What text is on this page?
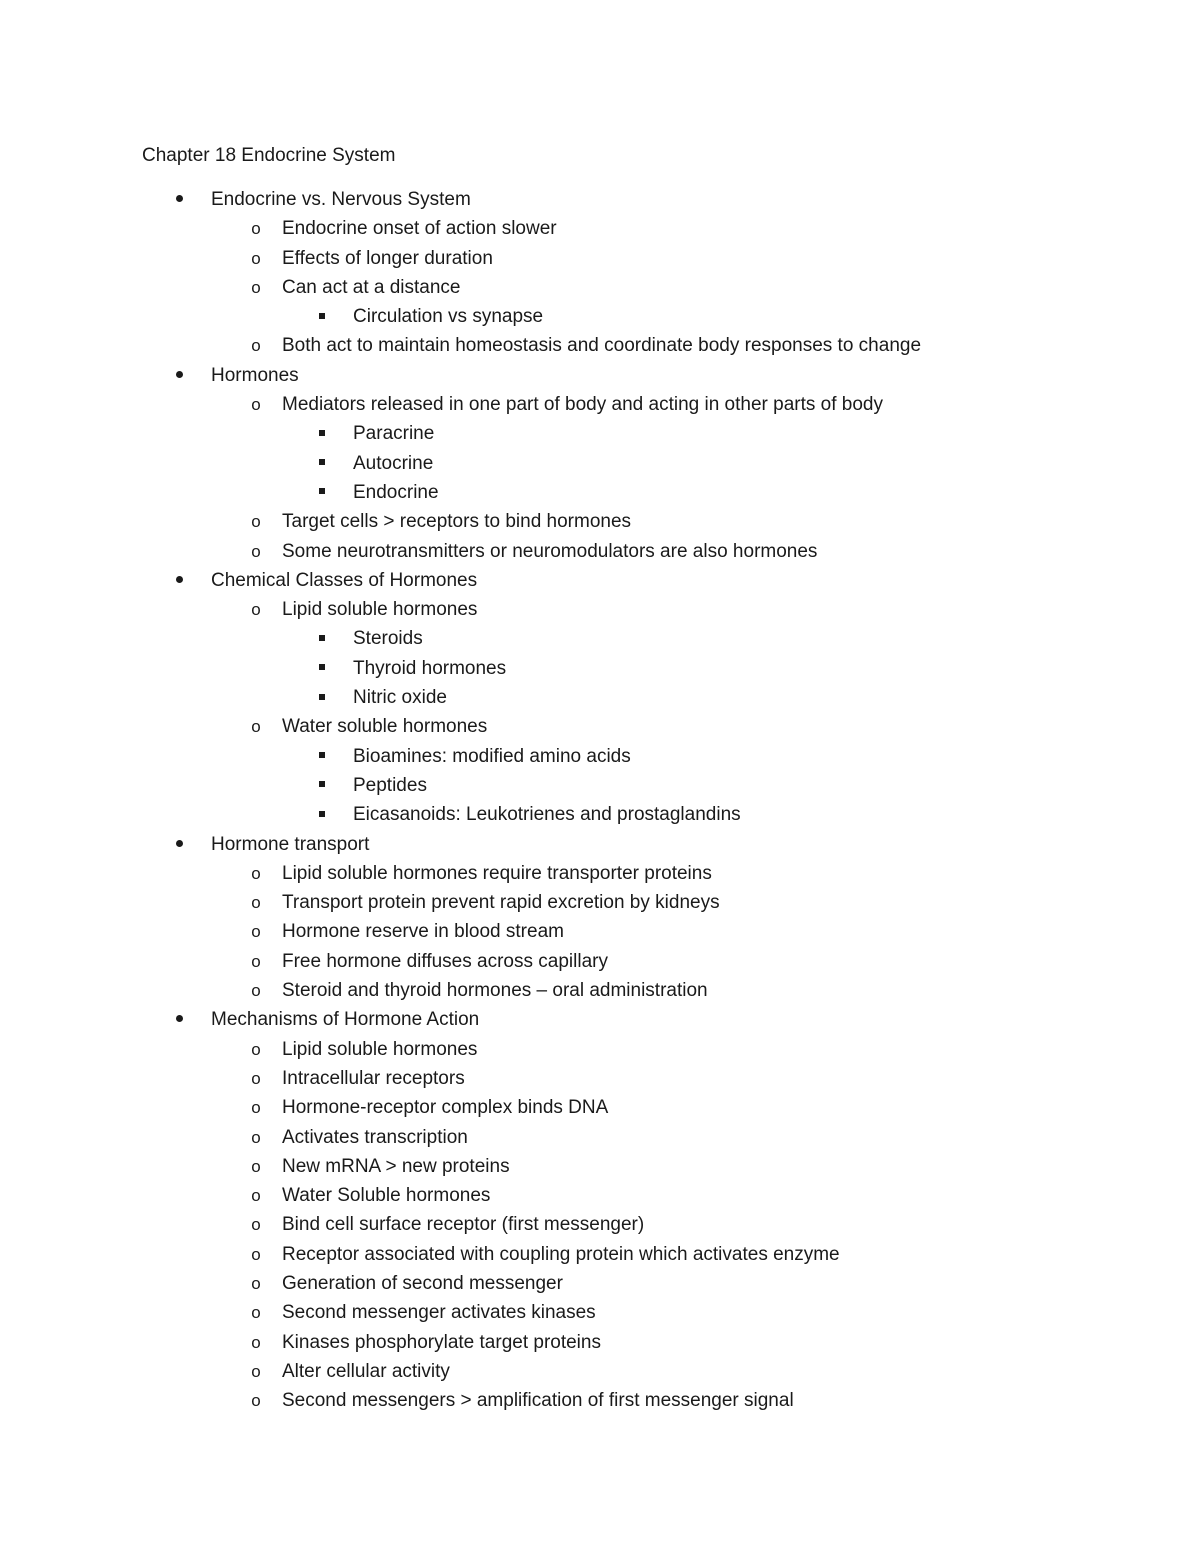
Chapter 18 Endocrine System
Endocrine vs. Nervous System
o Endocrine onset of action slower
o Effects of longer duration
o Can act at a distance
Circulation vs synapse
o Both act to maintain homeostasis and coordinate body responses to change
Hormones
o Mediators released in one part of body and acting in other parts of body
Paracrine
Autocrine
Endocrine
o Target cells > receptors to bind hormones
o Some neurotransmitters or neuromodulators are also hormones
Chemical Classes of Hormones
o Lipid soluble hormones
Steroids
Thyroid hormones
Nitric oxide
o Water soluble hormones
Bioamines: modified amino acids
Peptides
Eicasanoids: Leukotrienes and prostaglandins
Hormone transport
o Lipid soluble hormones require transporter proteins
o Transport protein prevent rapid excretion by kidneys
o Hormone reserve in blood stream
o Free hormone diffuses across capillary
o Steroid and thyroid hormones – oral administration
Mechanisms of Hormone Action
o Lipid soluble hormones
o Intracellular receptors
o Hormone-receptor complex binds DNA
o Activates transcription
o New mRNA > new proteins
o Water Soluble hormones
o Bind cell surface receptor (first messenger)
o Receptor associated with coupling protein which activates enzyme
o Generation of second messenger
o Second messenger activates kinases
o Kinases phosphorylate target proteins
o Alter cellular activity
o Second messengers > amplification of first messenger signal
